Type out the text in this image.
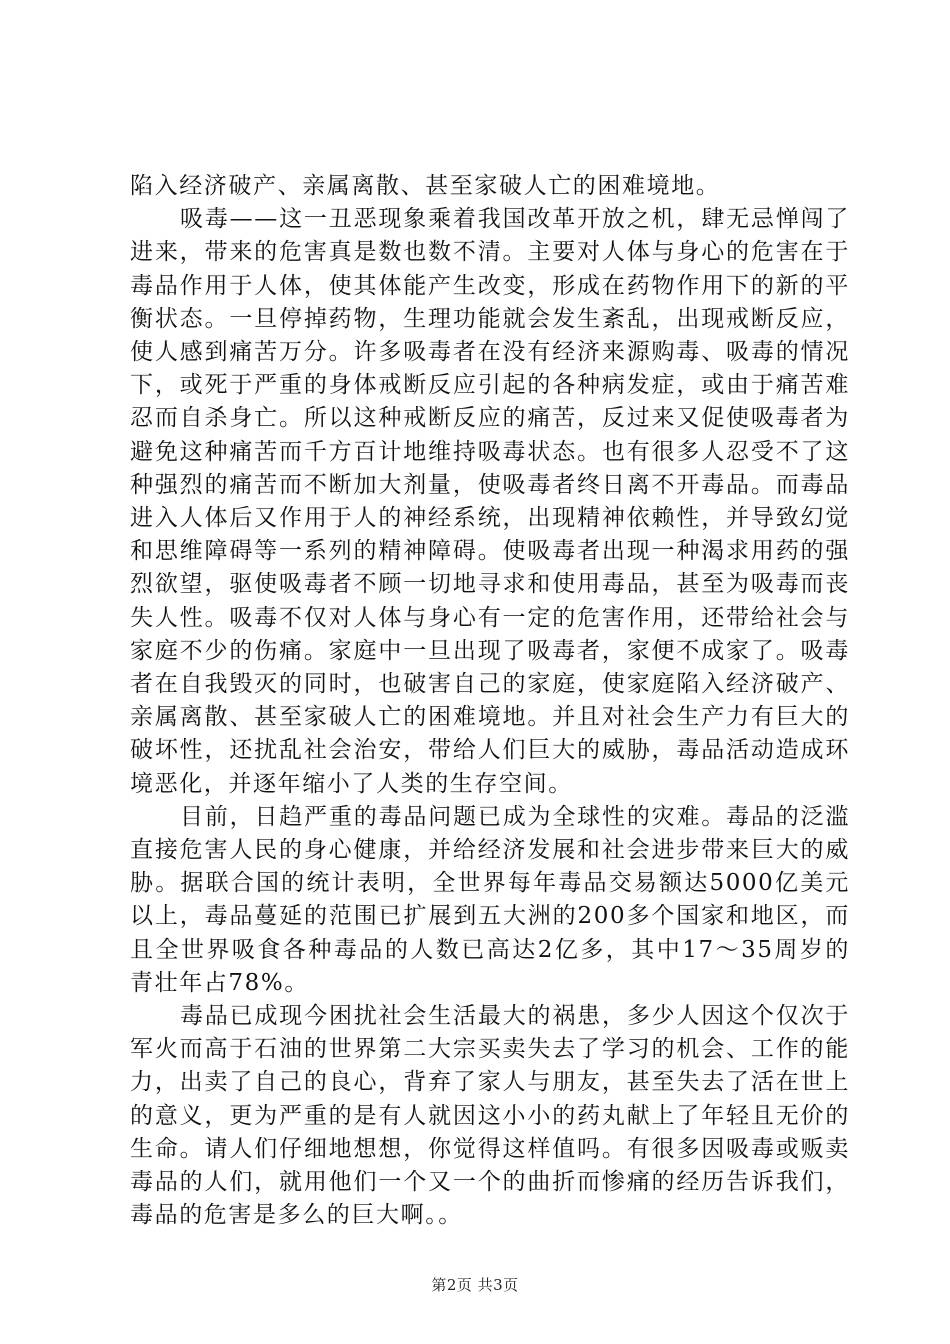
陷入经济破产、亲属离散、甚至家破人亡的困难境地。

吸毒——这一丑恶现象乘着我国改革开放之机，肆无忌惮闯了进来，带来的危害真是数也数不清。主要对人体与身心的危害在于毒品作用于人体，使其体能产生改变，形成在药物作用下的新的平衡状态。一旦停掉药物，生理功能就会发生紊乱，出现戒断反应，使人感到痛苦万分。许多吸毒者在没有经济来源购毒、吸毒的情况下，或死于严重的身体戒断反应引起的各种病发症，或由于痛苦难忍而自杀身亡。所以这种戒断反应的痛苦，反过来又促使吸毒者为避免这种痛苦而千方百计地维持吸毒状态。也有很多人忍受不了这种强烈的痛苦而不断加大剂量，使吸毒者终日离不开毒品。而毒品进入人体后又作用于人的神经系统，出现精神依赖性，并导致幻觉和思维障碍等一系列的精神障碍。使吸毒者出现一种渴求用药的强烈欲望，驱使吸毒者不顾一切地寻求和使用毒品，甚至为吸毒而丧失人性。吸毒不仅对人体与身心有一定的危害作用，还带给社会与家庭不少的伤痛。家庭中一旦出现了吸毒者，家便不成家了。吸毒者在自我毁灭的同时，也破害自己的家庭，使家庭陷入经济破产、亲属离散、甚至家破人亡的困难境地。并且对社会生产力有巨大的破坏性，还扰乱社会治安，带给人们巨大的威胁，毒品活动造成环境恶化，并逐年缩小了人类的生存空间。

目前，日趋严重的毒品问题已成为全球性的灾难。毒品的泛滥直接危害人民的身心健康，并给经济发展和社会进步带来巨大的威胁。据联合国的统计表明，全世界每年毒品交易额达5000亿美元以上，毒品蔓延的范围已扩展到五大洲的200多个国家和地区，而且全世界吸食各种毒品的人数已高达2亿多，其中17～35周岁的青壮年占78%。

毒品已成现今困扰社会生活最大的祸患，多少人因这个仅次于军火而高于石油的世界第二大宗买卖失去了学习的机会、工作的能力，出卖了自己的良心，背弃了家人与朋友，甚至失去了活在世上的意义，更为严重的是有人就因这小小的药丸献上了年轻且无价的生命。请人们仔细地想想，你觉得这样值吗。有很多因吸毒或贩卖毒品的人们，就用他们一个又一个的曲折而惨痛的经历告诉我们，毒品的危害是多么的巨大啊。。

第2页 共3页
